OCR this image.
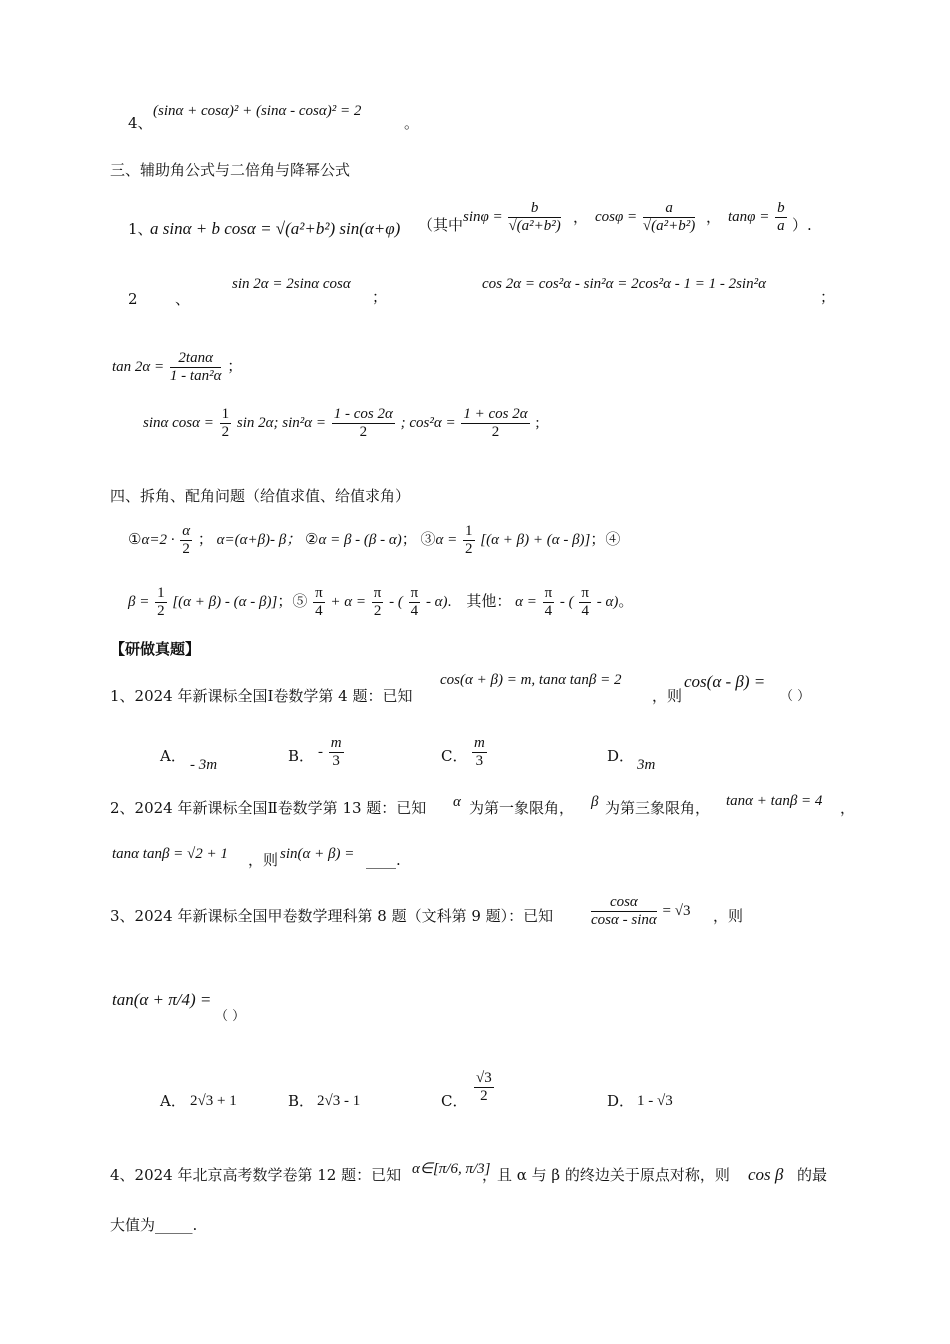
4、
(sinα + cosα)² + (sinα - cosα)² = 2
。
三、辅助角公式与二倍角与降幂公式
1、
a sinα + b cosα = √(a²+b²) sin(α+φ) （其中 $\sin\varphi = \frac{b}{\text{√(a²+b²)}}$ ， $\cos\varphi = \frac{a}{\text{√(a²+b²)}}$ ， $\tan\varphi = \frac{b}{a}$ ）.
2 、
sin 2α = 2sinα cosα
；
cos 2α = cos²α - sin²α = 2cos²α - 1 = 1 - 2sin²α
；
$\tan 2\alpha = \frac{2\tan\alpha}{\text{1 - tan²α}}$ ；
sinα $\cos\alpha = \frac{1}{2}$ sin 2α; $\sin^2\alpha = \frac{1 - \cos 2\alpha}{2}$ ; $\cos^2\alpha = \frac{1 + \cos 2\alpha}{2}$ ;
四、拆角、配角问题（给值求值、给值求角）
①α=2 · $\frac{\alpha}{2}$ ； α=(α+β)- β； ②α = β - (β - α)； ③α = $\frac{1}{2} [(\alpha + \beta) + (\alpha - \beta)]$；④
$\beta = \frac{1}{2} [(\alpha + \beta) - (\alpha - \beta)]$；⑤ $\frac{\pi}{4} + \alpha = \frac{\pi}{2}$ - ( $\frac{\pi}{4} - \alpha$). 其他： $\alpha = \frac{\pi}{4}$ - ( $\frac{\pi}{4} - \alpha$)。
【研做真题】
1、2024 年新课标全国Ⅰ卷数学第 4 题：已知
cos(α + β) = m, tanα tanβ = 2
，则
cos(α - β) =
（ ）
A． - 3m	B． - $\frac{m}{3}$	C． $\frac{m}{3}$	D． 3m
2、2024 年新课标全国Ⅱ卷数学第 13 题：已知 α 为第一象限角， β 为第三象限角， tanα + tanβ = 4 ，
tanα tanβ = √2 + 1 ，则 sin(α + β) = ____.
3、2024 年新课标全国甲卷数学理科第 8 题（文科第 9 题）：已知	$\frac{\cos\alpha}{\cos\alpha - \sin\alpha} = √3$ ，则
tan(α + π/4) =
（ ）
A． 2√3 + 1	B． 2√3 - 1	C． $\frac{√3}{2}$	D． 1 - √3
4、2024 年北京高考数学卷第 12 题：已知 α∈[π/6, π/3]
，且 α 与 β 的终边关于原点对称，则 cos β 的最
大值为_____.
